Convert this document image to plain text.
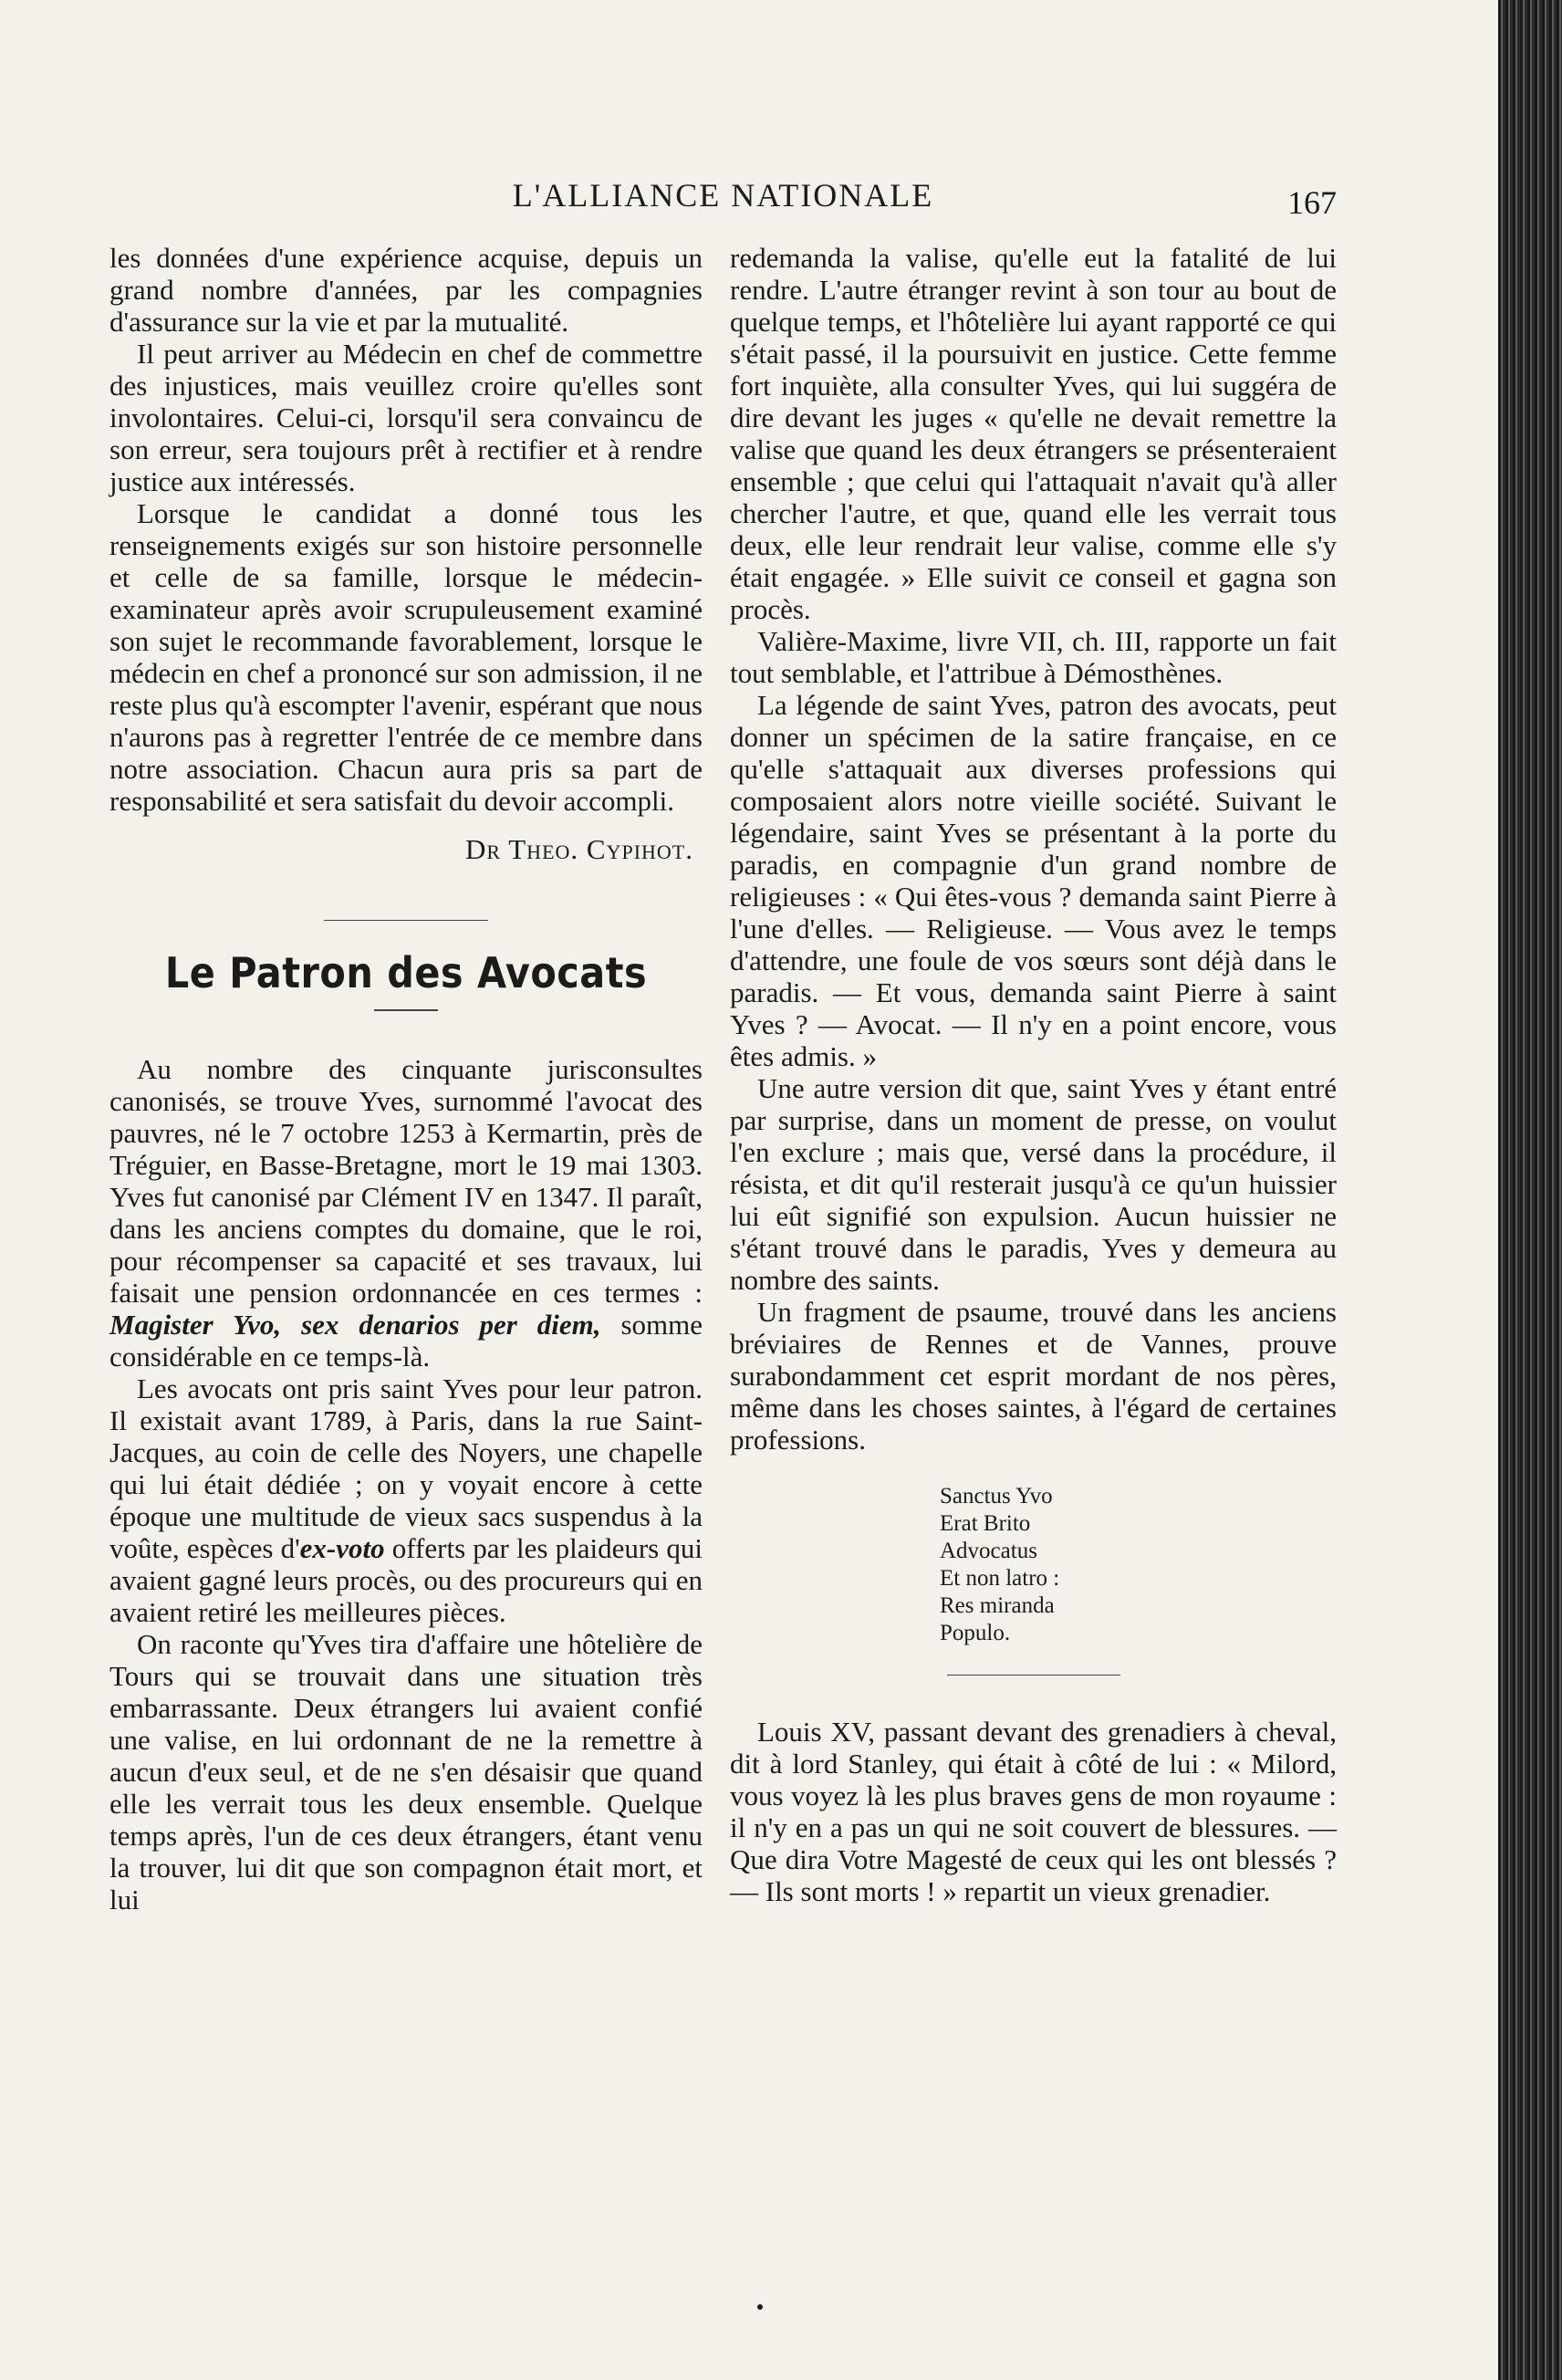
L'ALLIANCE NATIONALE	167

les données d'une expérience acquise, depuis un grand nombre d'années, par les compagnies d'assurance sur la vie et par la mutualité.

Il peut arriver au Médecin en chef de commettre des injustices, mais veuillez croire qu'elles sont involontaires. Celui-ci, lorsqu'il sera convaincu de son erreur, sera toujours prêt à rectifier et à rendre justice aux intéressés.

Lorsque le candidat a donné tous les renseignements exigés sur son histoire personnelle et celle de sa famille, lorsque le médecin-examinateur après avoir scrupuleusement examiné son sujet le recommande favorablement, lorsque le médecin en chef a prononcé sur son admission, il ne reste plus qu'à escompter l'avenir, espérant que nous n'aurons pas à regretter l'entrée de ce membre dans notre association. Chacun aura pris sa part de responsabilité et sera satisfait du devoir accompli.

Dr Theo. Cypihot.
Le Patron des Avocats

Au nombre des cinquante jurisconsultes canonisés, se trouve Yves, surnommé l'avocat des pauvres, né le 7 octobre 1253 à Kermartin, près de Tréguier, en Basse-Bretagne, mort le 19 mai 1303. Yves fut canonisé par Clément IV en 1347. Il paraît, dans les anciens comptes du domaine, que le roi, pour récompenser sa capacité et ses travaux, lui faisait une pension ordonnancée en ces termes : Magister Yvo, sex denarios per diem, somme considérable en ce temps-là.

Les avocats ont pris saint Yves pour leur patron. Il existait avant 1789, à Paris, dans la rue Saint-Jacques, au coin de celle des Noyers, une chapelle qui lui était dédiée ; on y voyait encore à cette époque une multitude de vieux sacs suspendus à la voûte, espèces d'ex-voto offerts par les plaideurs qui avaient gagné leurs procès, ou des procureurs qui en avaient retiré les meilleures pièces.

On raconte qu'Yves tira d'affaire une hôtelière de Tours qui se trouvait dans une situation très embarrassante. Deux étrangers lui avaient confié une valise, en lui ordonnant de ne la remettre à aucun d'eux seul, et de ne s'en désaisir que quand elle les verrait tous les deux ensemble. Quelque temps après, l'un de ces deux étrangers, étant venu la trouver, lui dit que son compagnon était mort, et lui

redemanda la valise, qu'elle eut la fatalité de lui rendre. L'autre étranger revint à son tour au bout de quelque temps, et l'hôtelière lui ayant rapporté ce qui s'était passé, il la poursuivit en justice. Cette femme fort inquiète, alla consulter Yves, qui lui suggéra de dire devant les juges « qu'elle ne devait remettre la valise que quand les deux étrangers se présenteraient ensemble ; que celui qui l'attaquait n'avait qu'à aller chercher l'autre, et que, quand elle les verrait tous deux, elle leur rendrait leur valise, comme elle s'y était engagée. » Elle suivit ce conseil et gagna son procès.

Valière-Maxime, livre VII, ch. III, rapporte un fait tout semblable, et l'attribue à Démosthènes.

La légende de saint Yves, patron des avocats, peut donner un spécimen de la satire française, en ce qu'elle s'attaquait aux diverses professions qui composaient alors notre vieille société. Suivant le légendaire, saint Yves se présentant à la porte du paradis, en compagnie d'un grand nombre de religieuses : « Qui êtes-vous ? demanda saint Pierre à l'une d'elles. — Religieuse. — Vous avez le temps d'attendre, une foule de vos sœurs sont déjà dans le paradis. — Et vous, demanda saint Pierre à saint Yves ? — Avocat. — Il n'y en a point encore, vous êtes admis. »

Une autre version dit que, saint Yves y étant entré par surprise, dans un moment de presse, on voulut l'en exclure ; mais que, versé dans la procédure, il résista, et dit qu'il resterait jusqu'à ce qu'un huissier lui eût signifié son expulsion. Aucun huissier ne s'étant trouvé dans le paradis, Yves y demeura au nombre des saints.

Un fragment de psaume, trouvé dans les anciens bréviaires de Rennes et de Vannes, prouve surabondamment cet esprit mordant de nos pères, même dans les choses saintes, à l'égard de certaines professions.

Sanctus Yvo
Erat Brito
Advocatus
Et non latro :
Res miranda
Populo.

Louis XV, passant devant des grenadiers à cheval, dit à lord Stanley, qui était à côté de lui : « Milord, vous voyez là les plus braves gens de mon royaume : il n'y en a pas un qui ne soit couvert de blessures. — Que dira Votre Magesté de ceux qui les ont blessés ? — Ils sont morts ! » repartit un vieux grenadier.
